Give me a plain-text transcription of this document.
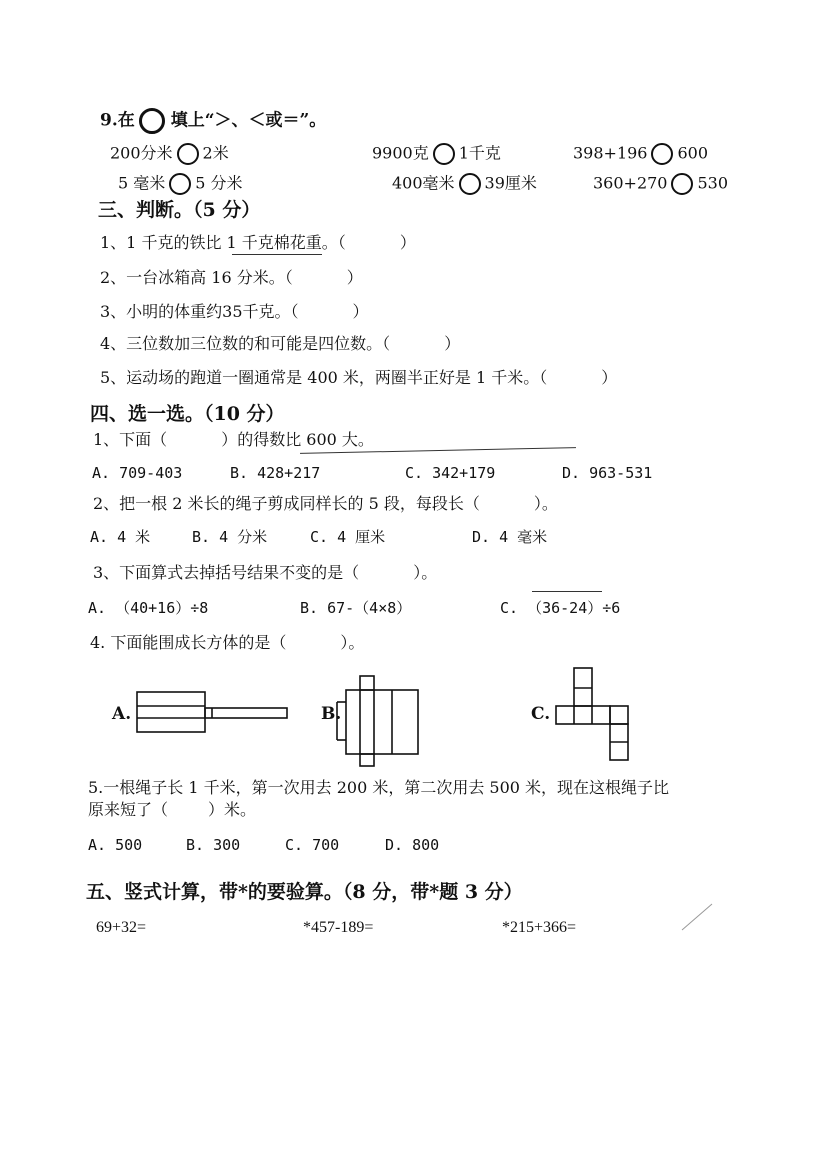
9.在 填上“＞、＜或＝”。
200分米 2米	9900克 1千克	398+196 600
5 毫米 5 分米	400毫米 39厘米	360+270 530
三、判断。（5 分）
1、1 千克的铁比 1 千克棉花重。（	）
2、一台冰箱高 16 分米。（	）
3、小明的体重约35千克。（	）
4、三位数加三位数的和可能是四位数。（	）
5、运动场的跑道一圈通常是 400 米，两圈半正好是 1 千米。（	）
四、选一选。（10 分）
1、下面（	）的得数比 600 大。
A. 709-403	B. 428+217	C. 342+179	D. 963-531
2、把一根 2 米长的绳子剪成同样长的 5 段，每段长（	）。
A. 4 米	B. 4 分米	C. 4 厘米	D. 4 毫米
3、下面算式去掉括号结果不变的是（	）。
A. （40+16）÷8	B. 67-（4×8）	C. （36-24）÷6
4. 下面能围成长方体的是（	）。
A.	B.	C.
5.一根绳子长 1 千米，第一次用去 200 米，第二次用去 500 米，现在这根绳子比
原来短了（	）米。
A. 500	B. 300	C. 700	D. 800
五、竖式计算，带*的要验算。（8 分，带*题 3 分）
69+32=	*457-189=	*215+366=
